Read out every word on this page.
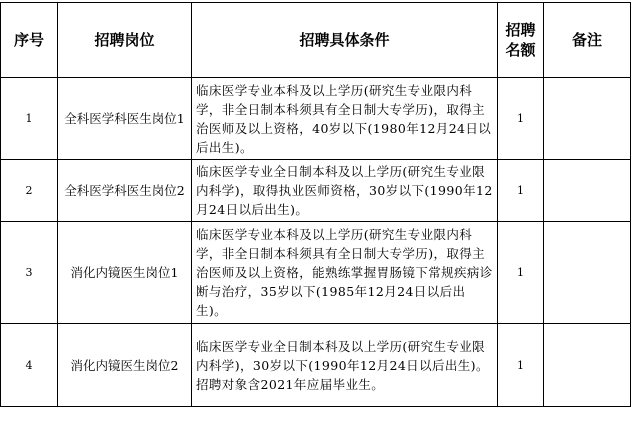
序号	招聘岗位	招聘具体条件	招聘名额	备注
1	全科医学科医生岗位1	临床医学专业本科及以上学历(研究生专业限内科学，非全日制本科须具有全日制大专学历)，取得主治医师及以上资格，40岁以下(1980年12月24日以后出生)。	1	
2	全科医学科医生岗位2	临床医学专业全日制本科及以上学历(研究生专业限内科学)，取得执业医师资格，30岁以下(1990年12月24日以后出生)。	1	
3	消化内镜医生岗位1	临床医学专业本科及以上学历(研究生专业限内科学，非全日制本科须具有全日制大专学历)，取得主治医师及以上资格，能熟练掌握胃肠镜下常规疾病诊断与治疗，35岁以下(1985年12月24日以后出生)。	1	
4	消化内镜医生岗位2	临床医学专业全日制本科及以上学历(研究生专业限内科学)，30岁以下(1990年12月24日以后出生)。招聘对象含2021年应届毕业生。	1	
